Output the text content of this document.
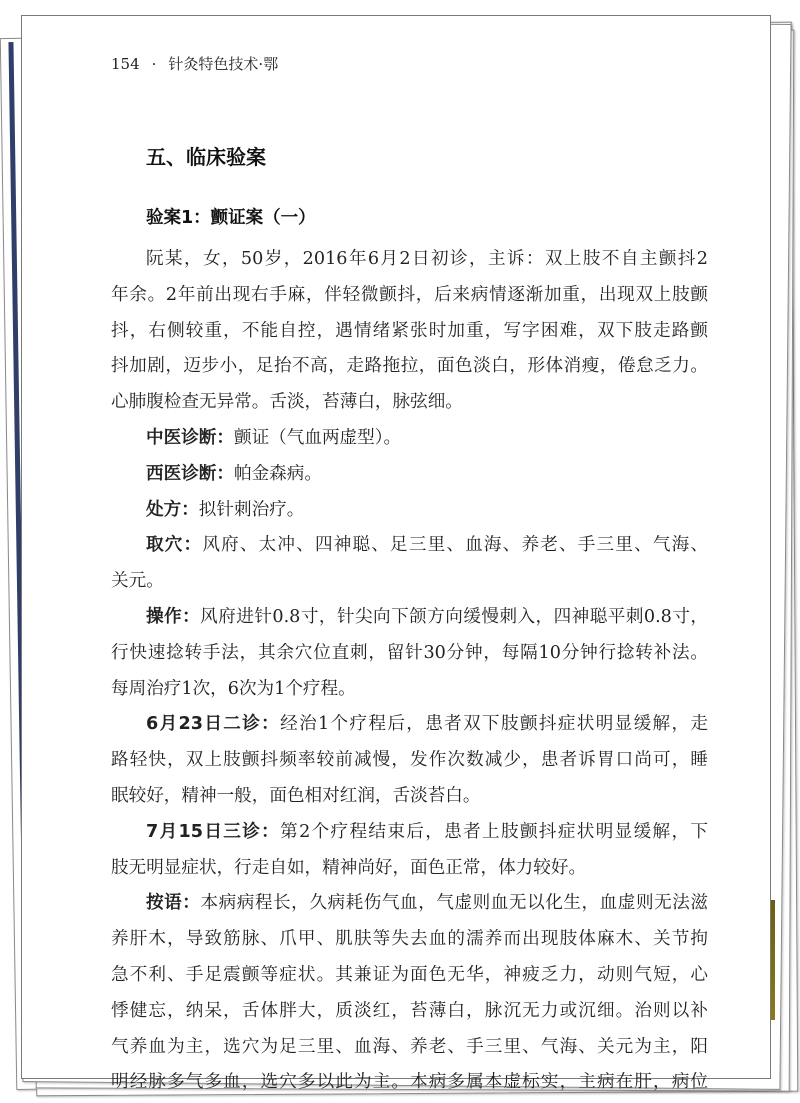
154 · 针灸特色技术·鄂
五、临床验案
验案1：颤证案（一）
阮某，女，50岁，2016年6月2日初诊，主诉：双上肢不自主颤抖2
年余。2年前出现右手麻，伴轻微颤抖，后来病情逐渐加重，出现双上肢颤
抖，右侧较重，不能自控，遇情绪紧张时加重，写字困难，双下肢走路颤
抖加剧，迈步小，足抬不高，走路拖拉，面色淡白，形体消瘦，倦怠乏力。
心肺腹检查无异常。舌淡，苔薄白，脉弦细。
中医诊断：颤证（气血两虚型）。
西医诊断：帕金森病。
处方：拟针刺治疗。
取穴：风府、太冲、四神聪、足三里、血海、养老、手三里、气海、
关元。
操作：风府进针0.8寸，针尖向下颌方向缓慢刺入，四神聪平刺0.8寸，
行快速捻转手法，其余穴位直刺，留针30分钟，每隔10分钟行捻转补法。
每周治疗1次，6次为1个疗程。
6月23日二诊：经治1个疗程后，患者双下肢颤抖症状明显缓解，走
路轻快，双上肢颤抖频率较前减慢，发作次数减少，患者诉胃口尚可，睡
眠较好，精神一般，面色相对红润，舌淡苔白。
7月15日三诊：第2个疗程结束后，患者上肢颤抖症状明显缓解，下
肢无明显症状，行走自如，精神尚好，面色正常，体力较好。
按语：本病病程长，久病耗伤气血，气虚则血无以化生，血虚则无法滋
养肝木，导致筋脉、爪甲、肌肤等失去血的濡养而出现肢体麻木、关节拘
急不利、手足震颤等症状。其兼证为面色无华，神疲乏力，动则气短，心
悸健忘，纳呆，舌体胖大，质淡红，苔薄白，脉沉无力或沉细。治则以补
气养血为主，选穴为足三里、血海、养老、手三里、气海、关元为主，阳
明经脉多气多血，选穴多以此为主。本病多属本虚标实，主病在肝，病位
